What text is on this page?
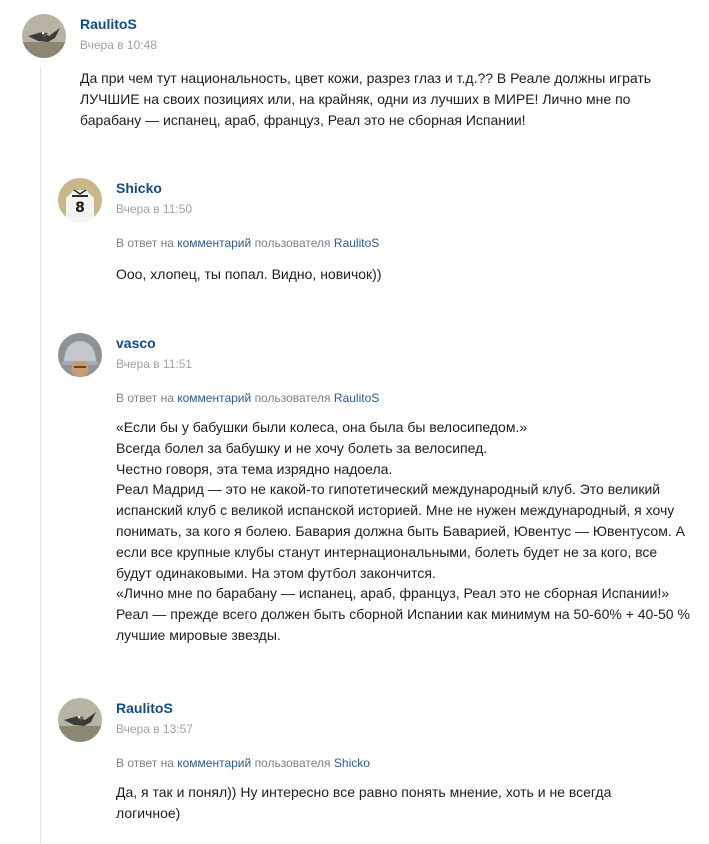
RaulitoS
Вчера в 10:48

Да при чем тут национальность, цвет кожи, разрез глаз и т.д.?? В Реале должны играть ЛУЧШИЕ на своих позициях или, на крайняк, одни из лучших в МИРЕ! Лично мне по барабану — испанец, араб, француз, Реал это не сборная Испании!

8
Shicko
Вчера в 11:50
В ответ на комментарий пользователя RaulitoS

Ооо, хлопец, ты попал. Видно, новичок))

vasco
Вчера в 11:51
В ответ на комментарий пользователя RaulitoS

«Если бы у бабушки были колеса, она была бы велосипедом.»

Всегда болел за бабушку и не хочу болеть за велосипед.

Честно говоря, эта тема изрядно надоела.

Реал Мадрид — это не какой-то гипотетический международный клуб. Это великий испанский клуб с великой испанской историей. Мне не нужен международный, я хочу понимать, за кого я болею. Бавария должна быть Баварией, Ювентус — Ювентусом. А если все крупные клубы станут интернациональными, болеть будет не за кого, все будут одинаковыми. На этом футбол закончится.

«Лично мне по барабану — испанец, араб, француз, Реал это не сборная Испании!»

Реал — прежде всего должен быть сборной Испании как минимум на 50-60% + 40-50 % лучшие мировые звезды.

RaulitoS
Вчера в 13:57
В ответ на комментарий пользователя Shicko

Да, я так и понял)) Ну интересно все равно понять мнение, хоть и не всегда логичное)
